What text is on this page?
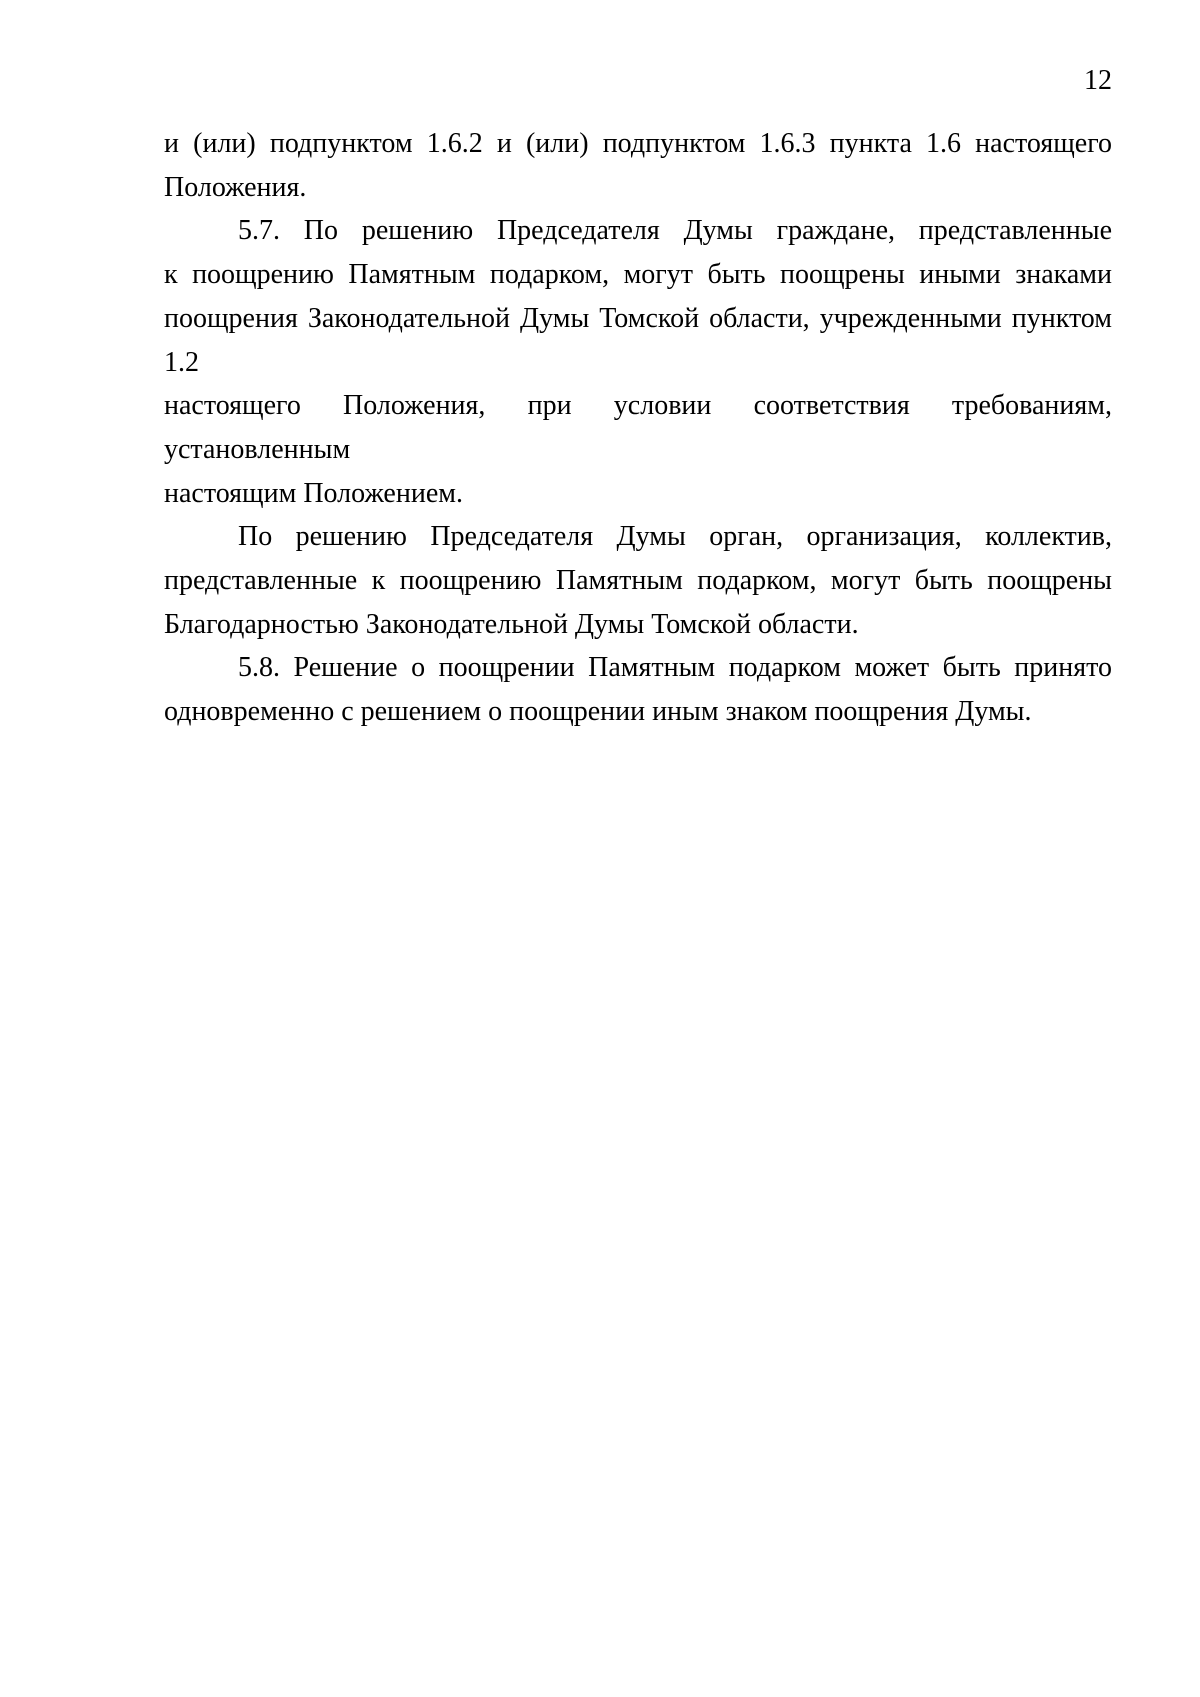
12
и (или) подпунктом 1.6.2 и (или) подпунктом 1.6.3 пункта 1.6 настоящего
Положения.
5.7. По решению Председателя Думы граждане, представленные
к поощрению Памятным подарком, могут быть поощрены иными знаками
поощрения Законодательной Думы Томской области, учрежденными пунктом 1.2
настоящего Положения, при условии соответствия требованиям, установленным
настоящим Положением.
По решению Председателя Думы орган, организация, коллектив,
представленные к поощрению Памятным подарком, могут быть поощрены
Благодарностью Законодательной Думы Томской области.
5.8. Решение о поощрении Памятным подарком может быть принято
одновременно с решением о поощрении иным знаком поощрения Думы.
